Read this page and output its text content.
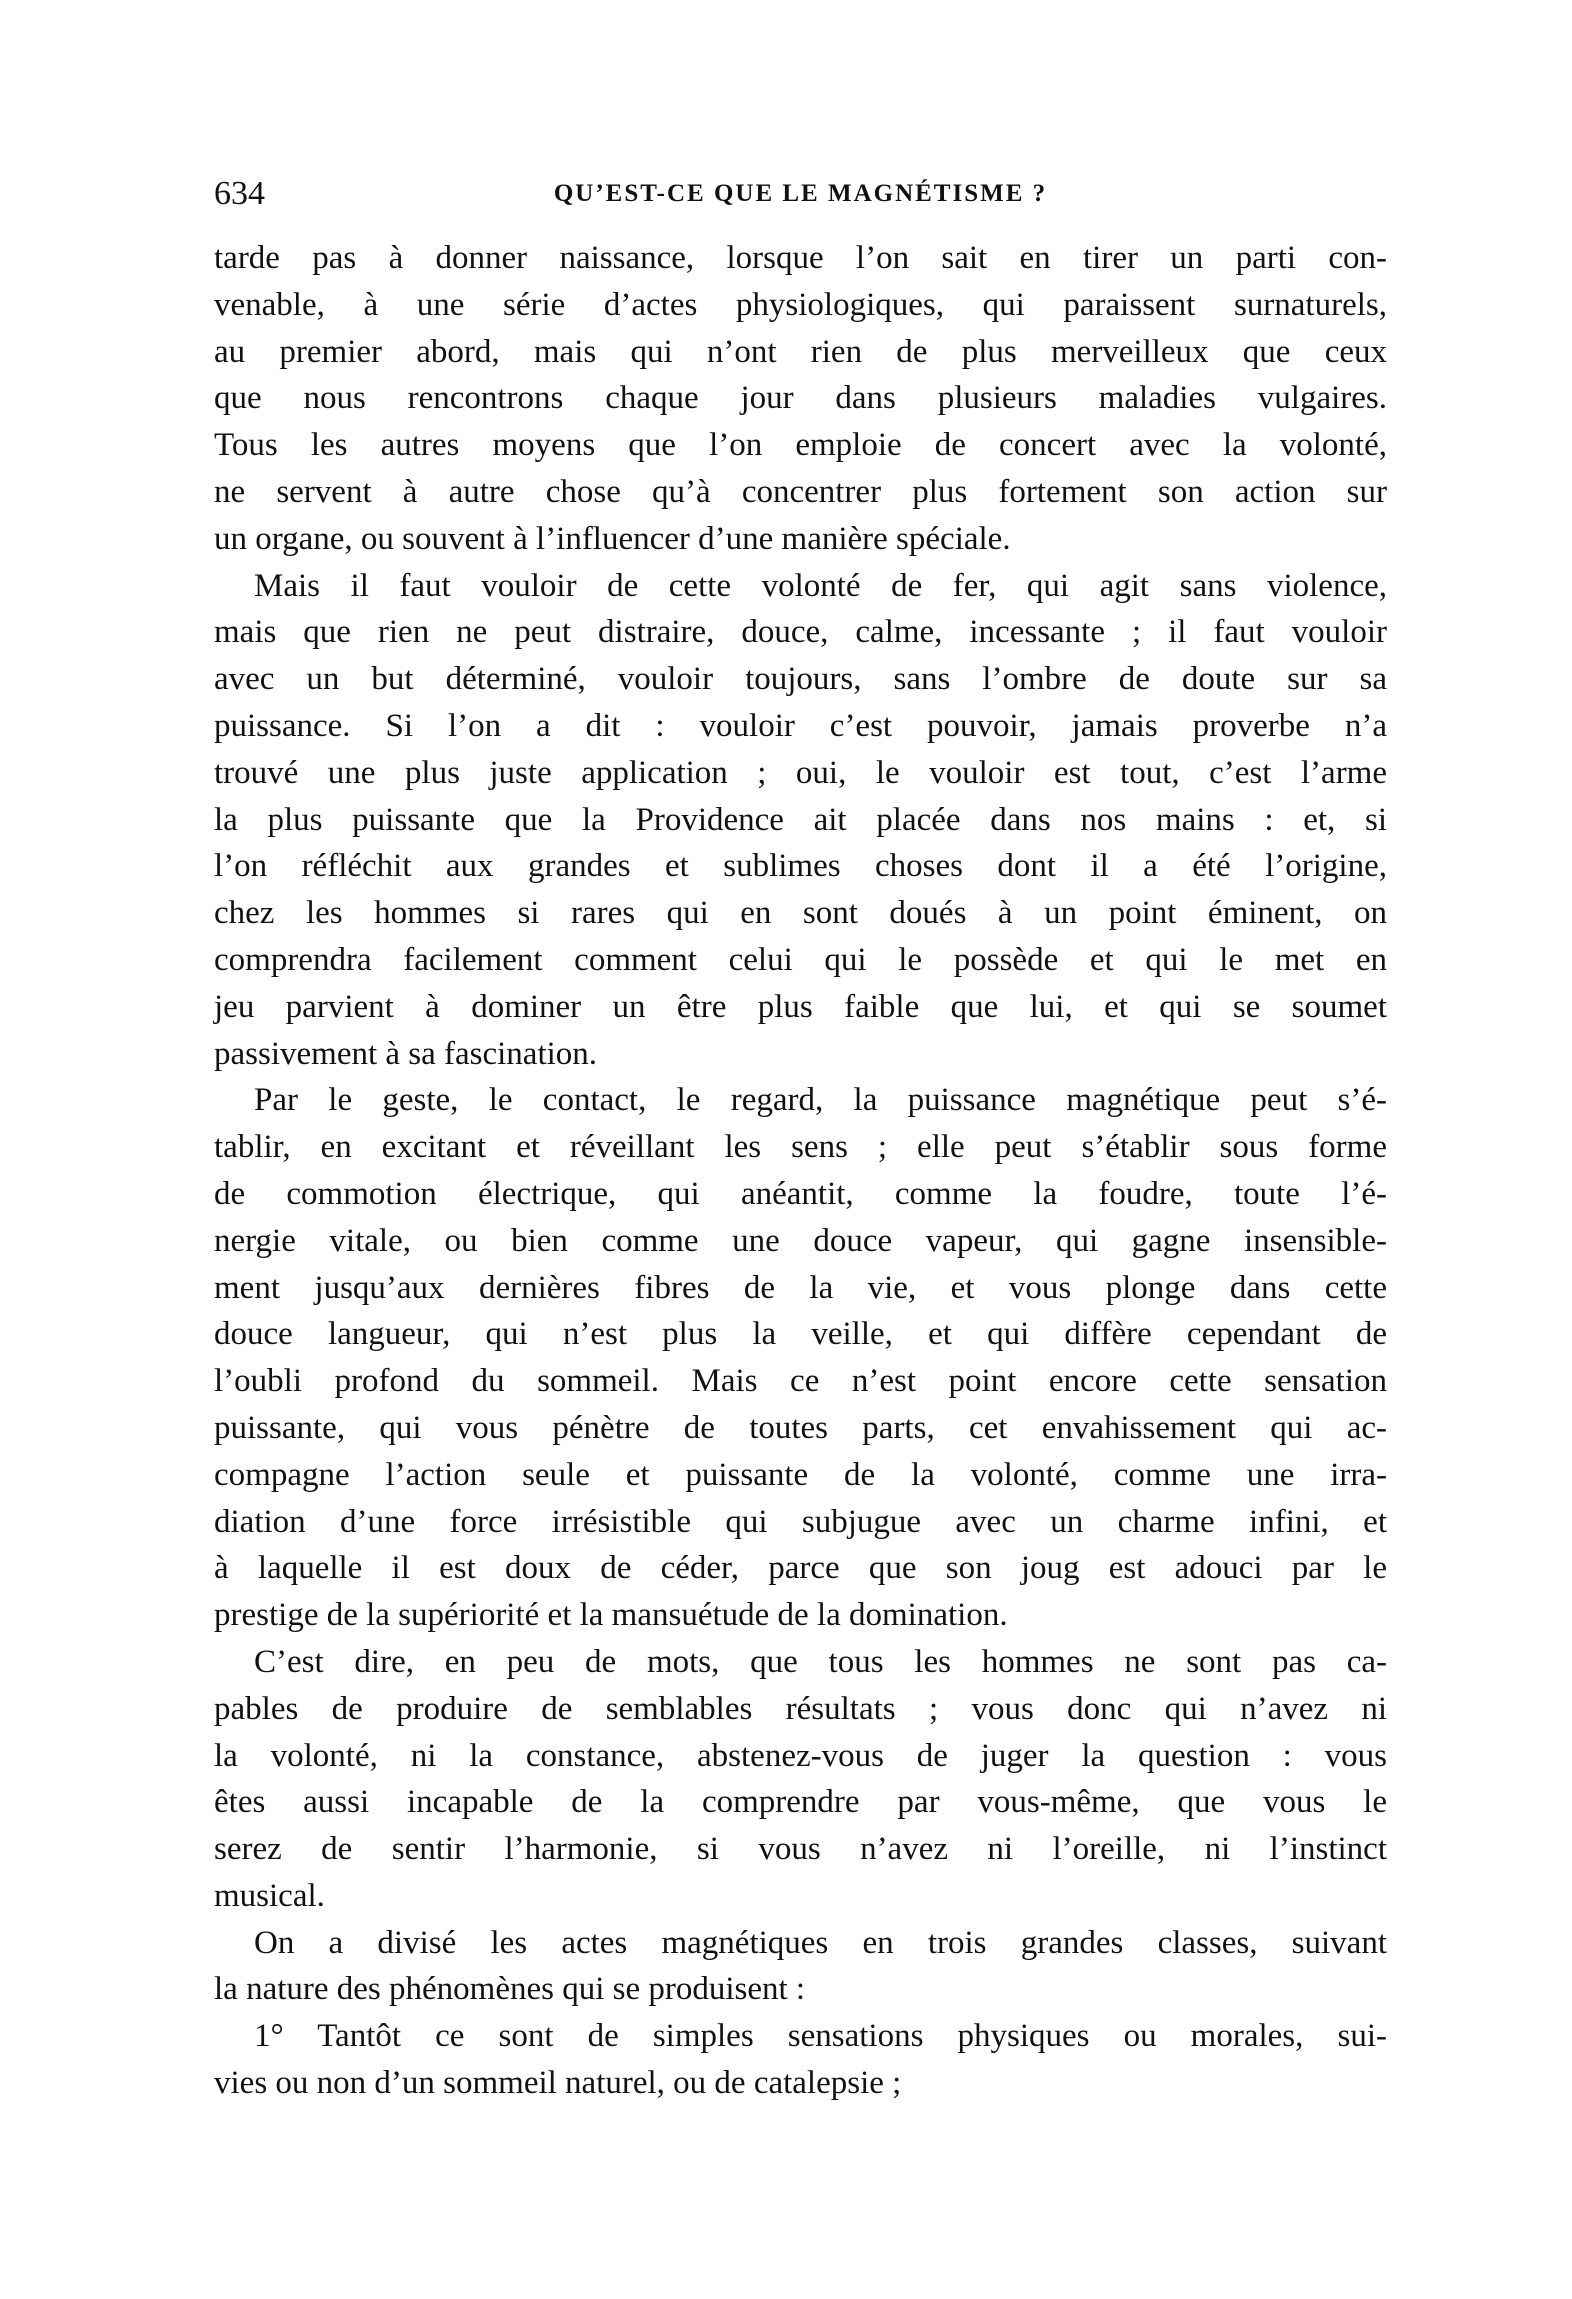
634	QU’EST-CE QUE LE MAGNÉTISME ?
tarde pas à donner naissance, lorsque l’on sait en tirer un parti con-
venable, à une série d’actes physiologiques, qui paraissent surnaturels,
au premier abord, mais qui n’ont rien de plus merveilleux que ceux
que nous rencontrons chaque jour dans plusieurs maladies vulgaires.
Tous les autres moyens que l’on emploie de concert avec la volonté,
ne servent à autre chose qu’à concentrer plus fortement son action sur
un organe, ou souvent à l’influencer d’une manière spéciale.
Mais il faut vouloir de cette volonté de fer, qui agit sans violence,
mais que rien ne peut distraire, douce, calme, incessante ; il faut vouloir
avec un but déterminé, vouloir toujours, sans l’ombre de doute sur sa
puissance. Si l’on a dit : vouloir c’est pouvoir, jamais proverbe n’a
trouvé une plus juste application ; oui, le vouloir est tout, c’est l’arme
la plus puissante que la Providence ait placée dans nos mains : et, si
l’on réfléchit aux grandes et sublimes choses dont il a été l’origine,
chez les hommes si rares qui en sont doués à un point éminent, on
comprendra facilement comment celui qui le possède et qui le met en
jeu parvient à dominer un être plus faible que lui, et qui se soumet
passivement à sa fascination.
Par le geste, le contact, le regard, la puissance magnétique peut s’é-
tablir, en excitant et réveillant les sens ; elle peut s’établir sous forme
de commotion électrique, qui anéantit, comme la foudre, toute l’é-
nergie vitale, ou bien comme une douce vapeur, qui gagne insensible-
ment jusqu’aux dernières fibres de la vie, et vous plonge dans cette
douce langueur, qui n’est plus la veille, et qui diffère cependant de
l’oubli profond du sommeil. Mais ce n’est point encore cette sensation
puissante, qui vous pénètre de toutes parts, cet envahissement qui ac-
compagne l’action seule et puissante de la volonté, comme une irra-
diation d’une force irrésistible qui subjugue avec un charme infini, et
à laquelle il est doux de céder, parce que son joug est adouci par le
prestige de la supériorité et la mansuétude de la domination.
C’est dire, en peu de mots, que tous les hommes ne sont pas ca-
pables de produire de semblables résultats ; vous donc qui n’avez ni
la volonté, ni la constance, abstenez-vous de juger la question : vous
êtes aussi incapable de la comprendre par vous-même, que vous le
serez de sentir l’harmonie, si vous n’avez ni l’oreille, ni l’instinct
musical.
On a divisé les actes magnétiques en trois grandes classes, suivant
la nature des phénomènes qui se produisent :
1° Tantôt ce sont de simples sensations physiques ou morales, sui-
vies ou non d’un sommeil naturel, ou de catalepsie ;
